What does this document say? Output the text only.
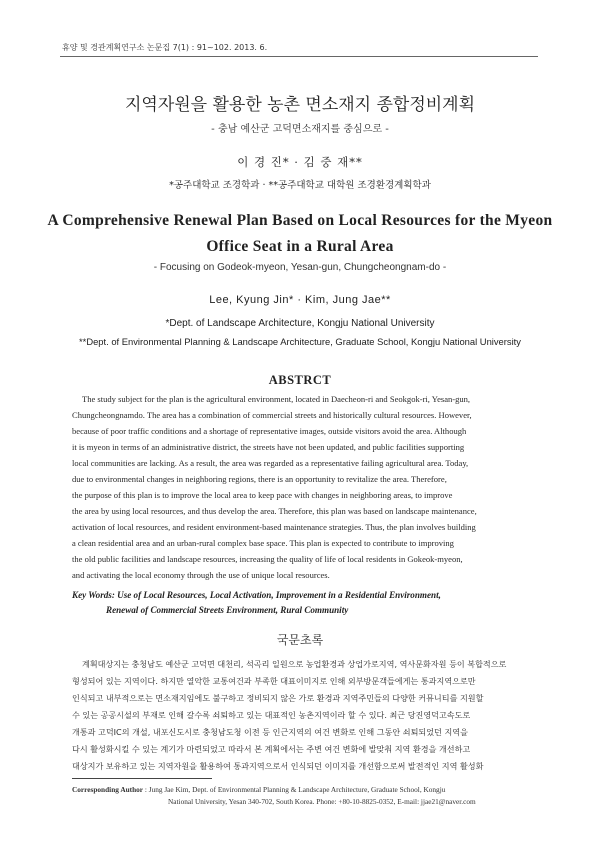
휴양 및 경관계획연구소 논문집 7(1) : 91~102. 2013. 6.
지역자원을 활용한 농촌 면소재지 종합정비계획
- 충남 예산군 고덕면소재지를 중심으로 -
이 경 진* · 김 중 재**
*공주대학교 조경학과 · **공주대학교 대학원 조경환경계획학과
A Comprehensive Renewal Plan Based on Local Resources for the Myeon
Office Seat in a Rural Area
- Focusing on Godeok-myeon, Yesan-gun, Chungcheongnam-do -
Lee, Kyung Jin* · Kim, Jung Jae**
*Dept. of Landscape Architecture, Kongju National University
**Dept. of Environmental Planning & Landscape Architecture, Graduate School, Kongju National University
ABSTRCT
The study subject for the plan is the agricultural environment, located in Daecheon-ri and Seokgok-ri, Yesan-gun,
Chungcheongnamdo. The area has a combination of commercial streets and historically cultural resources. However,
because of poor traffic conditions and a shortage of representative images, outside visitors avoid the area. Although
it is myeon in terms of an administrative district, the streets have not been updated, and public facilities supporting
local communities are lacking. As a result, the area was regarded as a representative failing agricultural area. Today,
due to environmental changes in neighboring regions, there is an opportunity to revitalize the area. Therefore,
the purpose of this plan is to improve the local area to keep pace with changes in neighboring areas, to improve
the area by using local resources, and thus develop the area. Therefore, this plan was based on landscape maintenance,
activation of local resources, and resident environment-based maintenance strategies. Thus, the plan involves building
a clean residential area and an urban-rural complex base space. This plan is expected to contribute to improving
the old public facilities and landscape resources, increasing the quality of life of local residents in Gokeok-myeon,
and activating the local economy through the use of unique local resources.
Key Words: Use of Local Resources, Local Activation, Improvement in a Residential Environment,
Renewal of Commercial Streets Environment, Rural Community
국문초록
계획대상지는 충청남도 예산군 고덕면 대천리, 석곡리 일원으로 농업환경과 상업가로지역, 역사문화자원 등이 복합적으로
형성되어 있는 지역이다. 하지만 열악한 교통여건과 부족한 대표이미지로 인해 외부방문객들에게는 통과지역으로만
인식되고 내부적으로는 면소재지임에도 불구하고 정비되지 않은 가로 환경과 지역주민들의 다양한 커뮤니티를 지원할
수 있는 공공시설의 부재로 인해 갈수록 쇠퇴하고 있는 대표적인 농촌지역이라 할 수 있다. 최근 당진영덕고속도로
개통과 고덕IC의 개설, 내포신도시로 충청남도청 이전 등 인근지역의 여건 변화로 인해 그동안 쇠퇴되었던 지역을
다시 활성화시킬 수 있는 계기가 마련되었고 따라서 본 계획에서는 주변 여건 변화에 발맞춰 지역 환경을 개선하고
대상지가 보유하고 있는 지역자원을 활용하여 통과지역으로서 인식되던 이미지를 개선함으로써 발전적인 지역 활성화
Corresponding Author : Jung Jae Kim, Dept. of Environmental Planning & Landscape Architecture, Graduate School, Kongju
National University, Yesan 340-702, South Korea. Phone: +80-10-8825-0352, E-mail: jjae21@naver.com
